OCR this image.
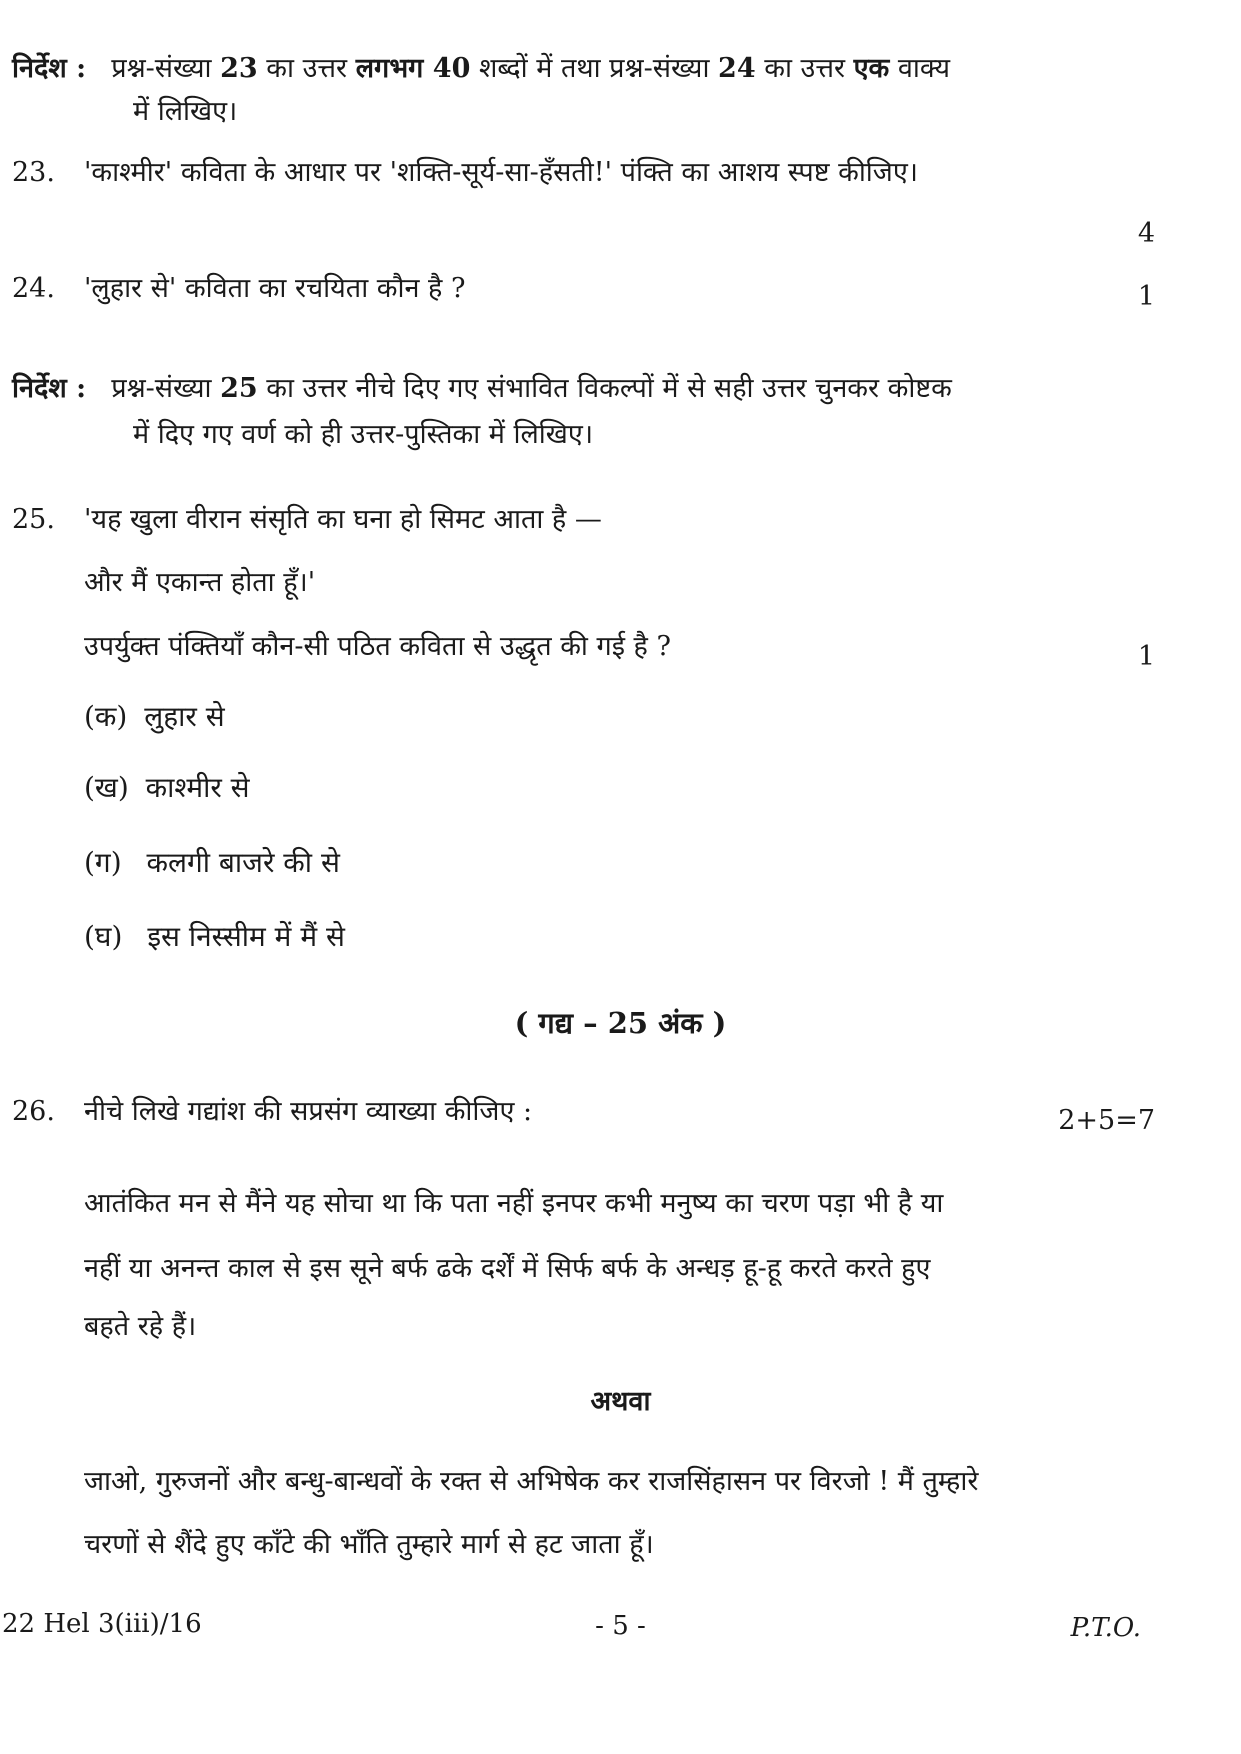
निर्देश : प्रश्न-संख्या 23 का उत्तर लगभग 40 शब्दों में तथा प्रश्न-संख्या 24 का उत्तर एक वाक्य
में लिखिए।
23. 'काश्मीर' कविता के आधार पर 'शक्ति-सूर्य-सा-हँसती!' पंक्ति का आशय स्पष्ट कीजिए।
4
24. 'लुहार से' कविता का रचयिता कौन है ?	1
निर्देश : प्रश्न-संख्या 25 का उत्तर नीचे दिए गए संभावित विकल्पों में से सही उत्तर चुनकर कोष्टक
में दिए गए वर्ण को ही उत्तर-पुस्तिका में लिखिए।
25. 'यह खुला वीरान संसृति का घना हो सिमट आता है —
और मैं एकान्त होता हूँ।'
उपर्युक्त पंक्तियाँ कौन-सी पठित कविता से उद्धृत की गई है ?	1
(क) लुहार से
(ख) काश्मीर से
(ग) कलगी बाजरे की से
(घ) इस निस्सीम में मैं से
( गद्य – 25 अंक )
26. नीचे लिखे गद्यांश की सप्रसंग व्याख्या कीजिए :	2+5=7
आतंकित मन से मैंने यह सोचा था कि पता नहीं इनपर कभी मनुष्य का चरण पड़ा भी है या
नहीं या अनन्त काल से इस सूने बर्फ ढके दर्शें में सिर्फ बर्फ के अन्धड़ हू-हू करते करते हुए
बहते रहे हैं।
अथवा
जाओ, गुरुजनों और बन्धु-बान्धवों के रक्त से अभिषेक कर राजसिंहासन पर विरजो ! मैं तुम्हारे
चरणों से शैंदे हुए काँटे की भाँति तुम्हारे मार्ग से हट जाता हूँ।
22 Hel 3(iii)/16	- 5 -	P.T.O.
